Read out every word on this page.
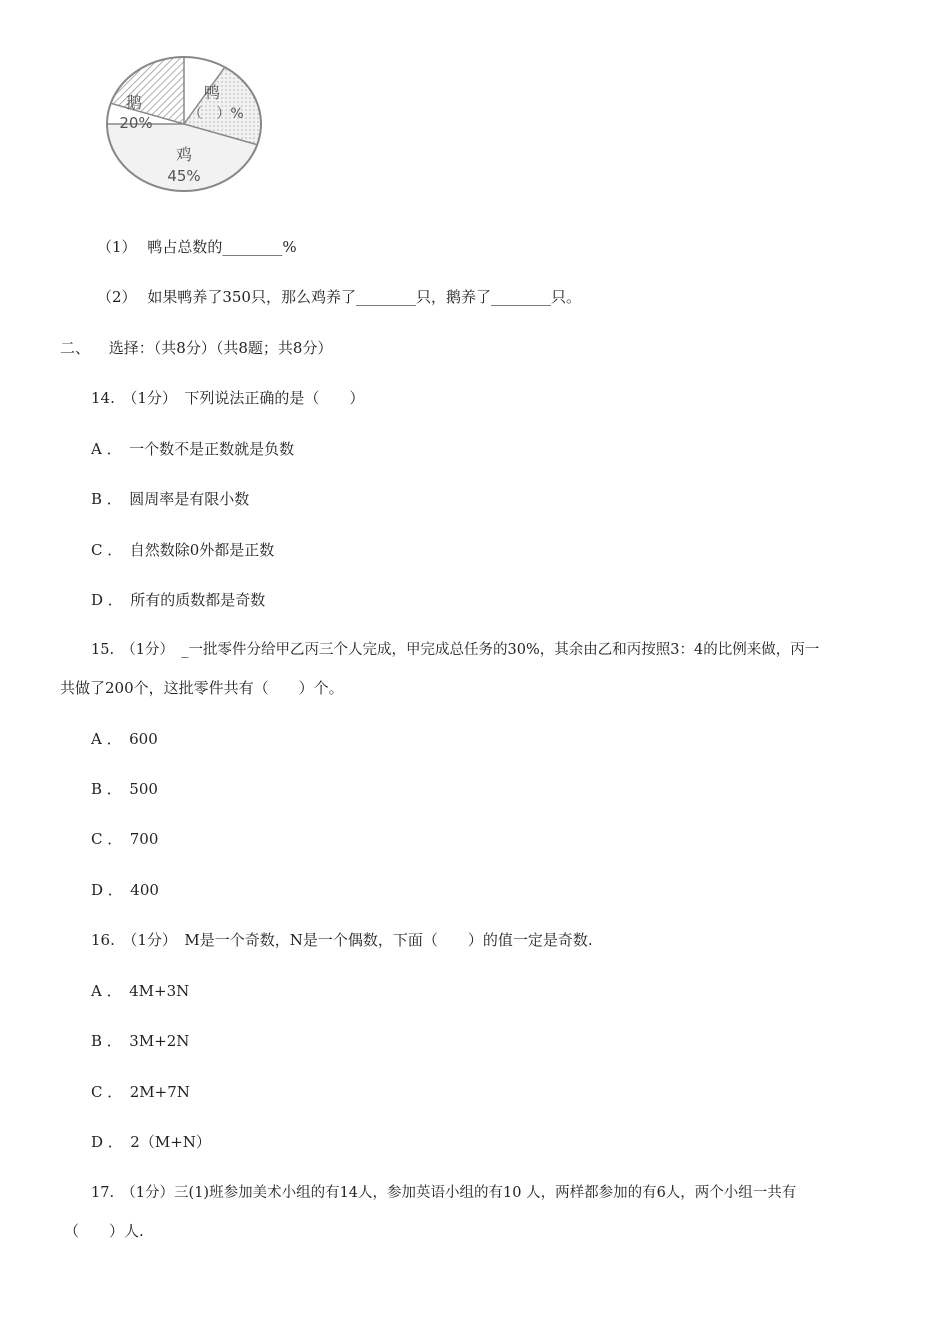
鹅
20%
鸭
（　）%
鸡
45%
（1） 鸭占总数的________%
（2） 如果鸭养了350只，那么鸡养了________只，鹅养了________只。
二、 选择：（共8分）（共8题；共8分）
14.　（1分）　下列说法正确的是（　　）
A ．　一个数不是正数就是负数
B ．　圆周率是有限小数
C ．　自然数除0外都是正数
D ．　所有的质数都是奇数
15.　（1分）　_一批零件分给甲乙丙三个人完成，甲完成总任务的30%，其余由乙和丙按照3：4的比例来做，丙一
共做了200个，这批零件共有（　　）个。
A ．　600
B ．　500
C ．　700
D ．　400
16.　（1分）　M是一个奇数，N是一个偶数，下面（　　）的值一定是奇数.
A ．　4M+3N
B ．　3M+2N
C ．　2M+7N
D ．　2（M+N）
17.　（1分）三(1)班参加美术小组的有14人，参加英语小组的有10 人，两样都参加的有6人，两个小组一共有
（　　）人.
